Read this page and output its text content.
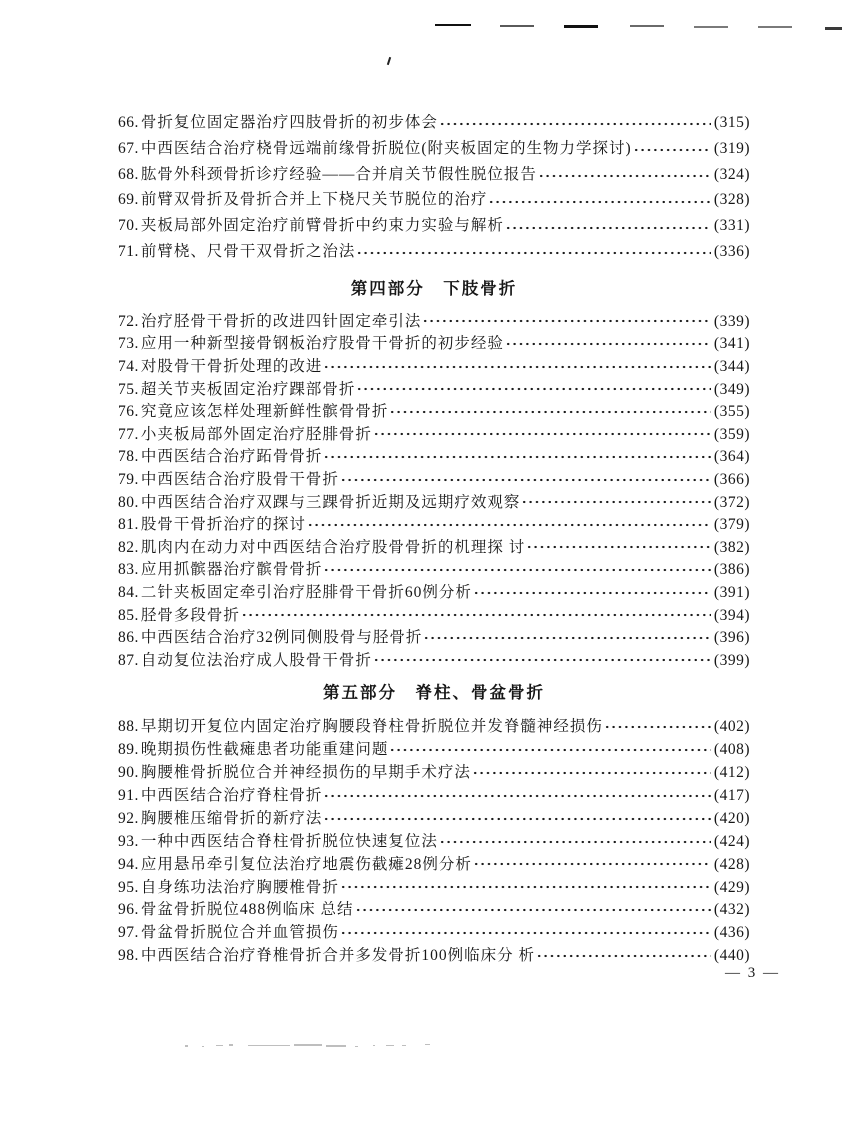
66. 骨折复位固定器治疗四肢骨折的初步体会	(315)
67. 中西医结合治疗桡骨远端前缘骨折脱位(附夹板固定的生物力学探讨)	(319)
68. 肱骨外科颈骨折诊疗经验——合并肩关节假性脱位报告	(324)
69. 前臂双骨折及骨折合并上下桡尺关节脱位的治疗	(328)
70. 夹板局部外固定治疗前臂骨折中约束力实验与解析	(331)
71. 前臂桡、尺骨干双骨折之治法	(336)
第四部分　下肢骨折
72. 治疗胫骨干骨折的改进四针固定牵引法	(339)
73. 应用一种新型接骨钢板治疗股骨干骨折的初步经验	(341)
74. 对股骨干骨折处理的改进	(344)
75. 超关节夹板固定治疗踝部骨折	(349)
76. 究竟应该怎样处理新鲜性髌骨骨折	(355)
77. 小夹板局部外固定治疗胫腓骨折	(359)
78. 中西医结合治疗跖骨骨折	(364)
79. 中西医结合治疗股骨干骨折	(366)
80. 中西医结合治疗双踝与三踝骨折近期及远期疗效观察	(372)
81. 股骨干骨折治疗的探讨	(379)
82. 肌肉内在动力对中西医结合治疗股骨骨折的机理探 讨	(382)
83. 应用抓髌器治疗髌骨骨折	(386)
84. 二针夹板固定牵引治疗胫腓骨干骨折60例分析	(391)
85. 胫骨多段骨折	(394)
86. 中西医结合治疗32例同侧股骨与胫骨折	(396)
87. 自动复位法治疗成人股骨干骨折	(399)
第五部分　脊柱、骨盆骨折
88. 早期切开复位内固定治疗胸腰段脊柱骨折脱位并发脊髓神经损伤	(402)
89. 晚期损伤性截瘫患者功能重建问题	(408)
90. 胸腰椎骨折脱位合并神经损伤的早期手术疗法	(412)
91. 中西医结合治疗脊柱骨折	(417)
92. 胸腰椎压缩骨折的新疗法	(420)
93. 一种中西医结合脊柱骨折脱位快速复位法	(424)
94. 应用悬吊牵引复位法治疗地震伤截瘫28例分析	(428)
95. 自身练功法治疗胸腰椎骨折	(429)
96. 骨盆骨折脱位488例临床 总结	(432)
97. 骨盆骨折脱位合并血管损伤	(436)
98. 中西医结合治疗脊椎骨折合并多发骨折100例临床分 析	(440)
— 3 —
